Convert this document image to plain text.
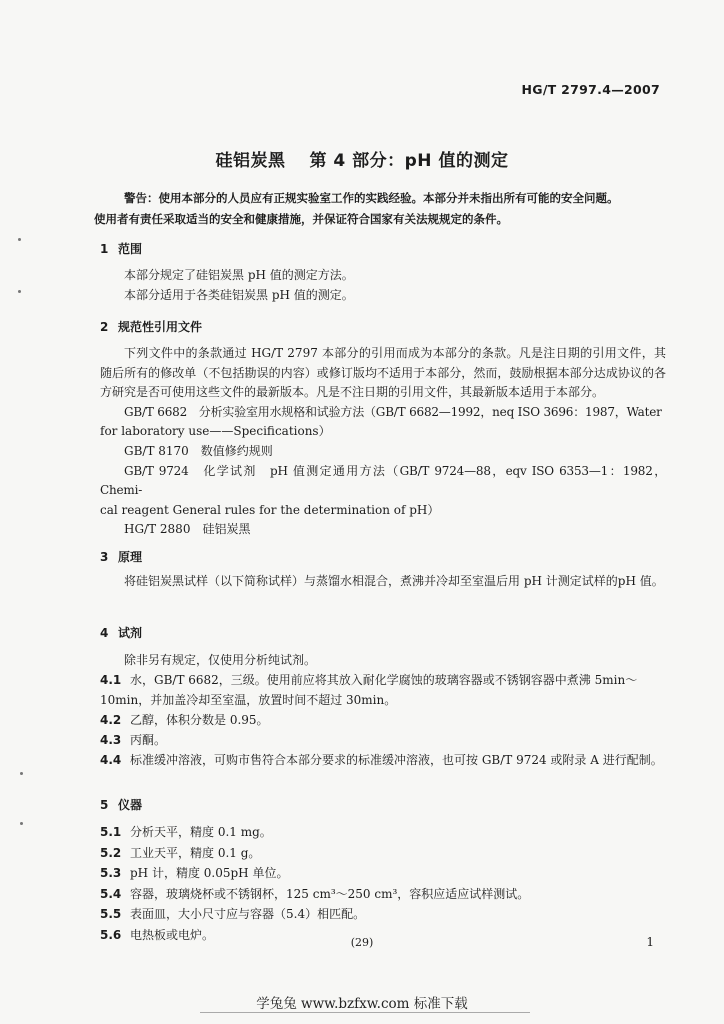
HG/T 2797.4—2007
硅铝炭黑　 第 4 部分：pH 值的测定

警告：使用本部分的人员应有正规实验室工作的实践经验。本部分并未指出所有可能的安全问题。

使用者有责任采取适当的安全和健康措施，并保证符合国家有关法规规定的条件。

1 范围

本部分规定了硅铝炭黑 pH 值的测定方法。

本部分适用于各类硅铝炭黑 pH 值的测定。

2 规范性引用文件

下列文件中的条款通过 HG/T 2797 本部分的引用而成为本部分的条款。凡是注日期的引用文件，其随后所有的修改单（不包括勘误的内容）或修订版均不适用于本部分，然而，鼓励根据本部分达成协议的各方研究是否可使用这些文件的最新版本。凡是不注日期的引用文件，其最新版本适用于本部分。

GB/T 6682　分析实验室用水规格和试验方法（GB/T 6682—1992，neq ISO 3696：1987，Water

for laboratory use——Specifications）

GB/T 8170　数值修约规则

GB/T 9724　化学试剂　pH 值测定通用方法（GB/T 9724—88，eqv ISO 6353—1：1982，Chemi-

cal reagent General rules for the determination of pH）

HG/T 2880　硅铝炭黑

3 原理

将硅铝炭黑试样（以下简称试样）与蒸馏水相混合，煮沸并冷却至室温后用 pH 计测定试样的pH 值。

4 试剂

除非另有规定，仅使用分析纯试剂。

4.1 水，GB/T 6682，三级。使用前应将其放入耐化学腐蚀的玻璃容器或不锈钢容器中煮沸 5min～10min，并加盖冷却至室温，放置时间不超过 30min。

4.2 乙醇，体积分数是 0.95。

4.3 丙酮。

4.4 标准缓冲溶液，可购市售符合本部分要求的标准缓冲溶液，也可按 GB/T 9724 或附录 A 进行配制。

5 仪器

5.1 分析天平，精度 0.1 mg。

5.2 工业天平，精度 0.1 g。

5.3 pH 计，精度 0.05pH 单位。

5.4 容器，玻璃烧杯或不锈钢杯，125 cm³～250 cm³，容积应适应试样测试。

5.5 表面皿，大小尺寸应与容器（5.4）相匹配。

5.6 电热板或电炉。

(29)	1
学兔兔 www.bzfxw.com 标准下载
